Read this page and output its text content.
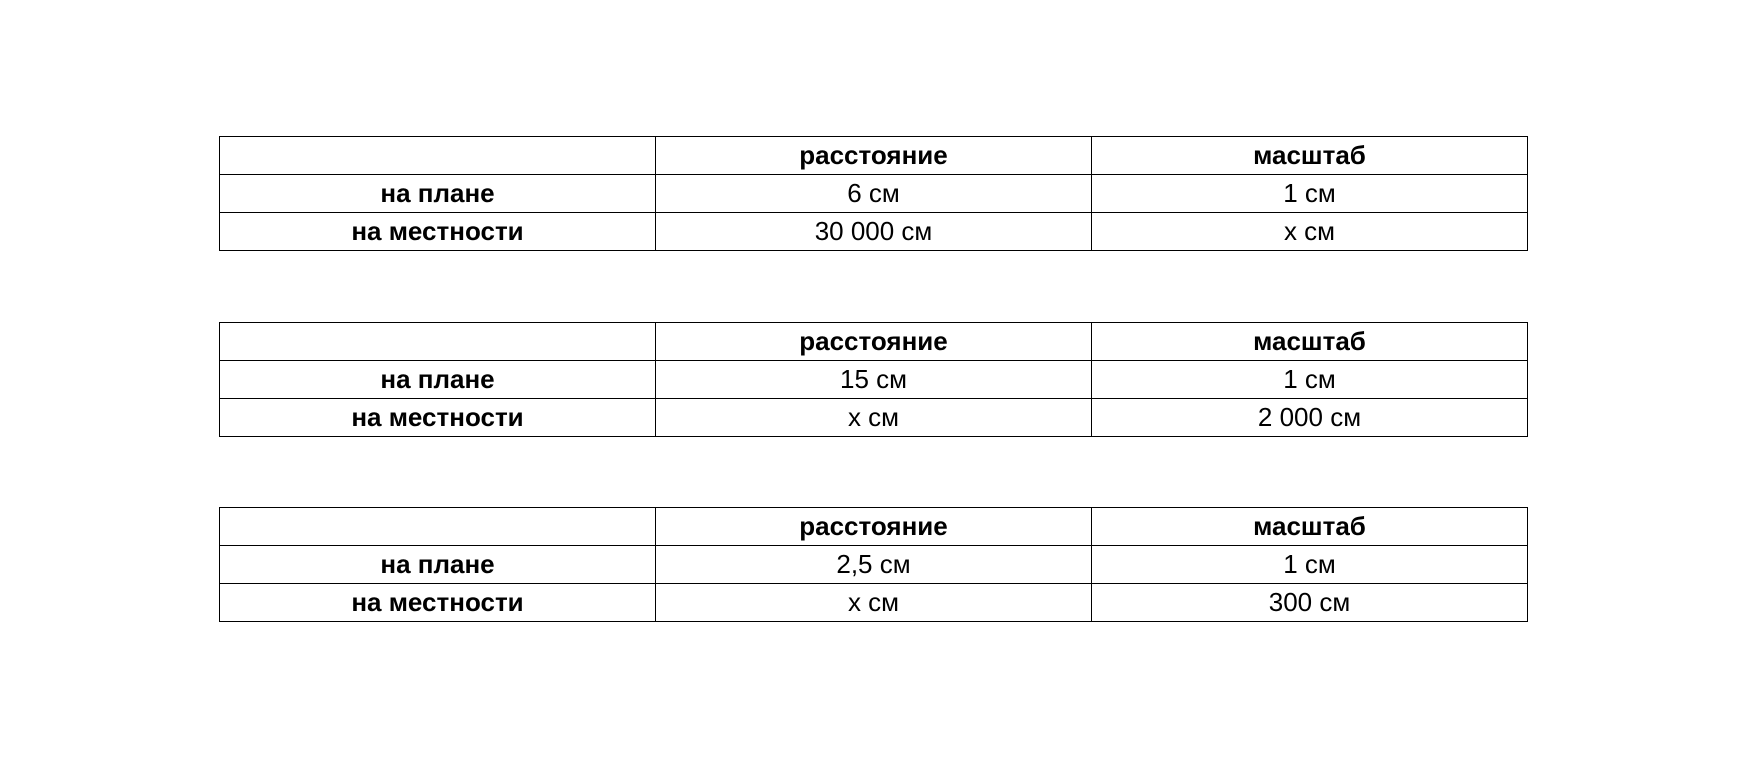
	расстояние	масштаб
на плане	6 см	1 см
на местности	30 000 см	х см
	расстояние	масштаб
на плане	15 см	1 см
на местности	х см	2 000 см
	расстояние	масштаб
на плане	2,5 см	1 см
на местности	х см	300 см
